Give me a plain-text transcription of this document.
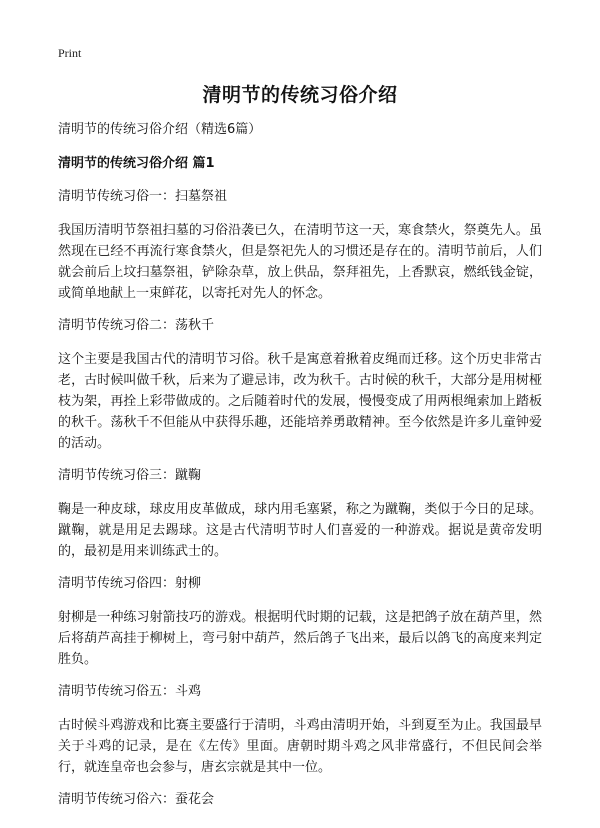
Print
清明节的传统习俗介绍
清明节的传统习俗介绍（精选6篇）
清明节的传统习俗介绍 篇1
清明节传统习俗一：扫墓祭祖

我国历清明节祭祖扫墓的习俗沿袭已久，在清明节这一天，寒食禁火，祭奠先人。虽然现在已经不再流行寒食禁火，但是祭祀先人的习惯还是存在的。清明节前后，人们就会前后上坟扫墓祭祖，铲除杂草，放上供品，祭拜祖先，上香默哀，燃纸钱金锭，或简单地献上一束鲜花，以寄托对先人的怀念。

清明节传统习俗二：荡秋千

这个主要是我国古代的清明节习俗。秋千是寓意着揪着皮绳而迁移。这个历史非常古老，古时候叫做千秋，后来为了避忌讳，改为秋千。古时候的秋千，大部分是用树桠枝为架，再拴上彩带做成的。之后随着时代的发展，慢慢变成了用两根绳索加上踏板的秋千。荡秋千不但能从中获得乐趣，还能培养勇敢精神。至今依然是许多儿童钟爱的活动。

清明节传统习俗三：蹴鞠

鞠是一种皮球，球皮用皮革做成，球内用毛塞紧，称之为蹴鞠，类似于今日的足球。蹴鞠，就是用足去踢球。这是古代清明节时人们喜爱的一种游戏。据说是黄帝发明的，最初是用来训练武士的。

清明节传统习俗四：射柳

射柳是一种练习射箭技巧的游戏。根据明代时期的记载，这是把鸽子放在葫芦里，然后将葫芦高挂于柳树上，弯弓射中葫芦，然后鸽子飞出来，最后以鸽飞的高度来判定胜负。

清明节传统习俗五：斗鸡

古时候斗鸡游戏和比赛主要盛行于清明，斗鸡由清明开始，斗到夏至为止。我国最早关于斗鸡的记录，是在《左传》里面。唐朝时期斗鸡之风非常盛行，不但民间会举行，就连皇帝也会参与，唐玄宗就是其中一位。

清明节传统习俗六：蚕花会
